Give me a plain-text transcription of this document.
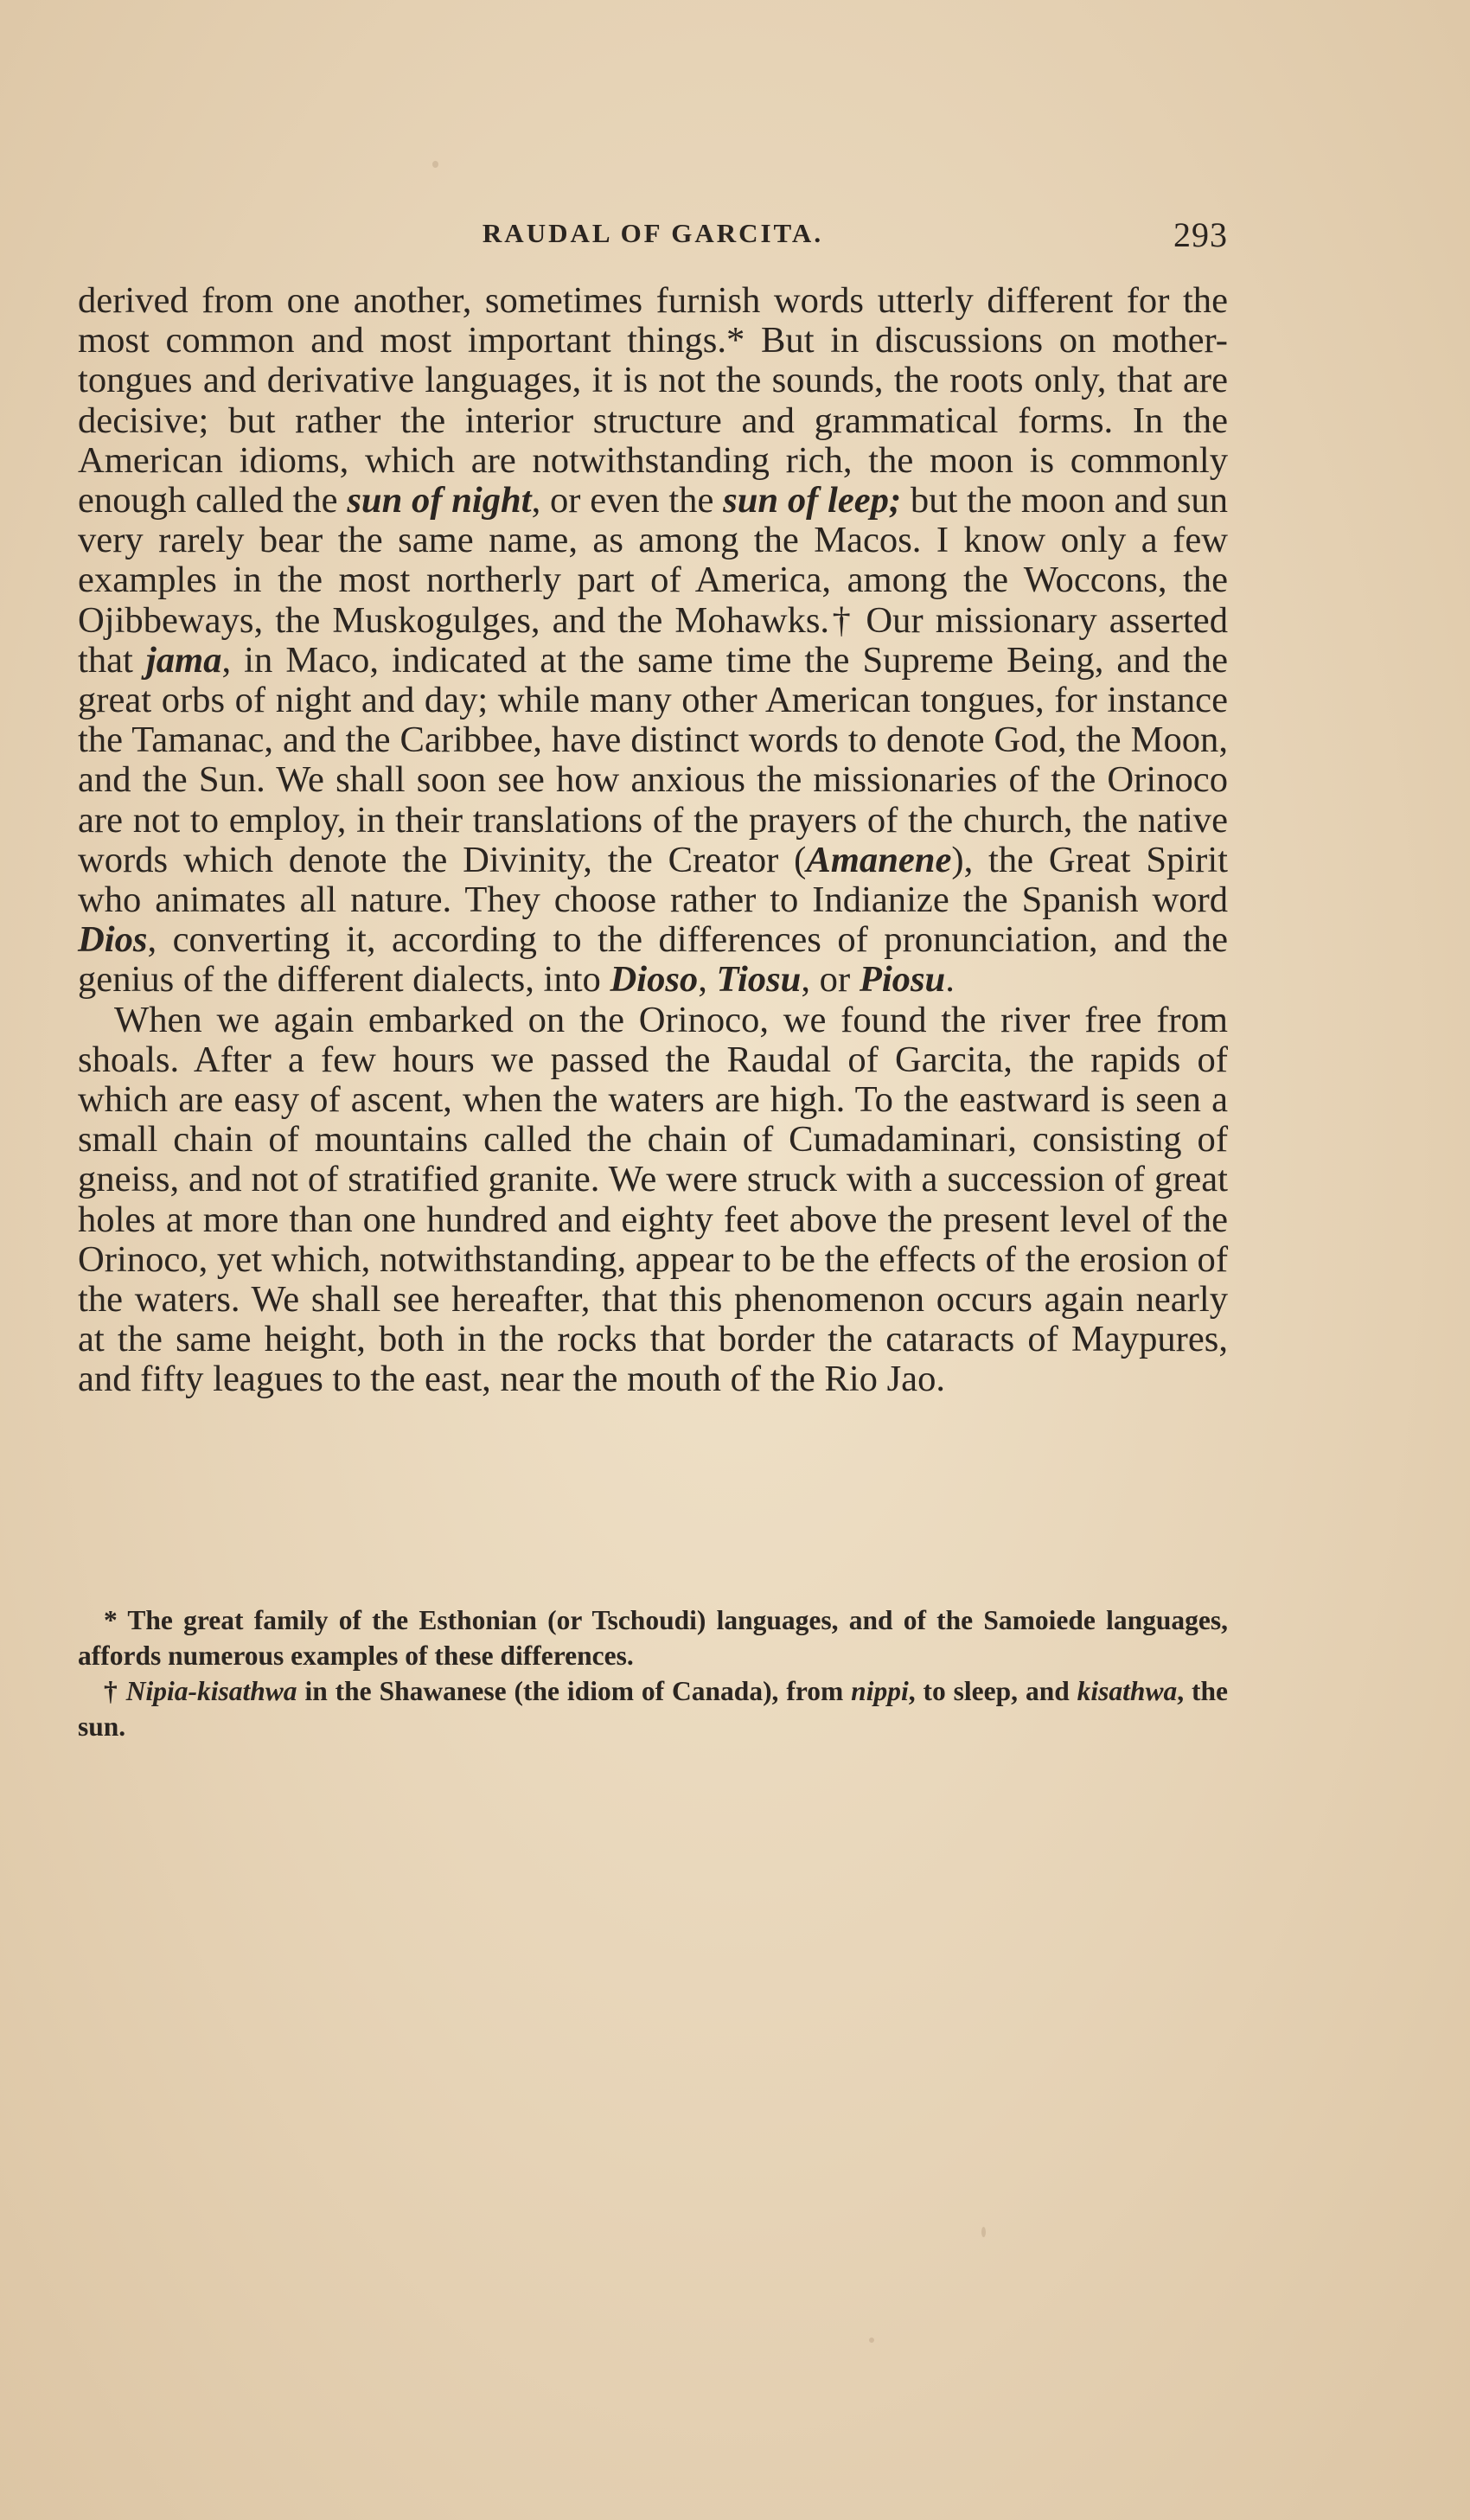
RAUDAL OF GARCITA.	293

derived from one another, sometimes furnish words utterly different for the most common and most important things.* But in discussions on mother-tongues and derivative languages, it is not the sounds, the roots only, that are decisive; but rather the interior structure and grammatical forms. In the American idioms, which are notwithstanding rich, the moon is commonly enough called the sun of night, or even the sun of leep; but the moon and sun very rarely bear the same name, as among the Macos. I know only a few examples in the most northerly part of America, among the Woccons, the Ojibbeways, the Muskogulges, and the Mohawks.† Our missionary asserted that jama, in Maco, indicated at the same time the Supreme Being, and the great orbs of night and day; while many other American tongues, for instance the Tamanac, and the Caribbee, have distinct words to denote God, the Moon, and the Sun. We shall soon see how anxious the missionaries of the Orinoco are not to employ, in their translations of the prayers of the church, the native words which denote the Divinity, the Creator (Amanene), the Great Spirit who animates all nature. They choose rather to Indianize the Spanish word Dios, converting it, according to the differences of pronunciation, and the genius of the different dialects, into Dioso, Tiosu, or Piosu.

When we again embarked on the Orinoco, we found the river free from shoals. After a few hours we passed the Raudal of Garcita, the rapids of which are easy of ascent, when the waters are high. To the eastward is seen a small chain of mountains called the chain of Cumadaminari, consisting of gneiss, and not of stratified granite. We were struck with a succession of great holes at more than one hundred and eighty feet above the present level of the Orinoco, yet which, notwithstanding, appear to be the effects of the erosion of the waters. We shall see hereafter, that this phenomenon occurs again nearly at the same height, both in the rocks that border the cataracts of Maypures, and fifty leagues to the east, near the mouth of the Rio Jao.

* The great family of the Esthonian (or Tschoudi) languages, and of the Samoiede languages, affords numerous examples of these differences.

† Nipia-kisathwa in the Shawanese (the idiom of Canada), from nippi, to sleep, and kisathwa, the sun.
